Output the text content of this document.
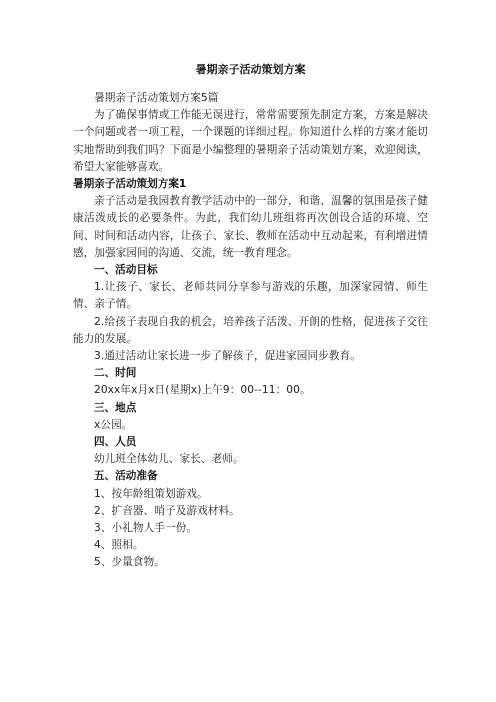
暑期亲子活动策划方案

暑期亲子活动策划方案5篇

为了确保事情或工作能无误进行，常常需要预先制定方案，方案是解决一个问题或者一项工程，一个课题的详细过程。你知道什么样的方案才能切实地帮助到我们吗？下面是小编整理的暑期亲子活动策划方案，欢迎阅读，希望大家能够喜欢。

暑期亲子活动策划方案1

亲子活动是我园教育教学活动中的一部分，和谐、温馨的氛围是孩子健康活泼成长的必要条件。为此，我们幼儿班组将再次创设合适的环境、空间、时间和活动内容，让孩子、家长、教师在活动中互动起来，有利增进情感，加强家园间的沟通、交流，统一教育理念。

一、活动目标

1.让孩子、家长、老师共同分享参与游戏的乐趣，加深家园情、师生情、亲子情。

2.给孩子表现自我的机会，培养孩子活泼、开朗的性格，促进孩子交往能力的发展。

3.通过活动让家长进一步了解孩子，促进家园同步教育。

二、时间

20xx年x月x日(星期x)上午9：00--11：00。

三、地点

x公园。

四、人员

幼儿班全体幼儿、家长、老师。

五、活动准备

1、按年龄组策划游戏。

2、扩音器、哨子及游戏材料。

3、小礼物人手一份。

4、照相。

5、少量食物。
